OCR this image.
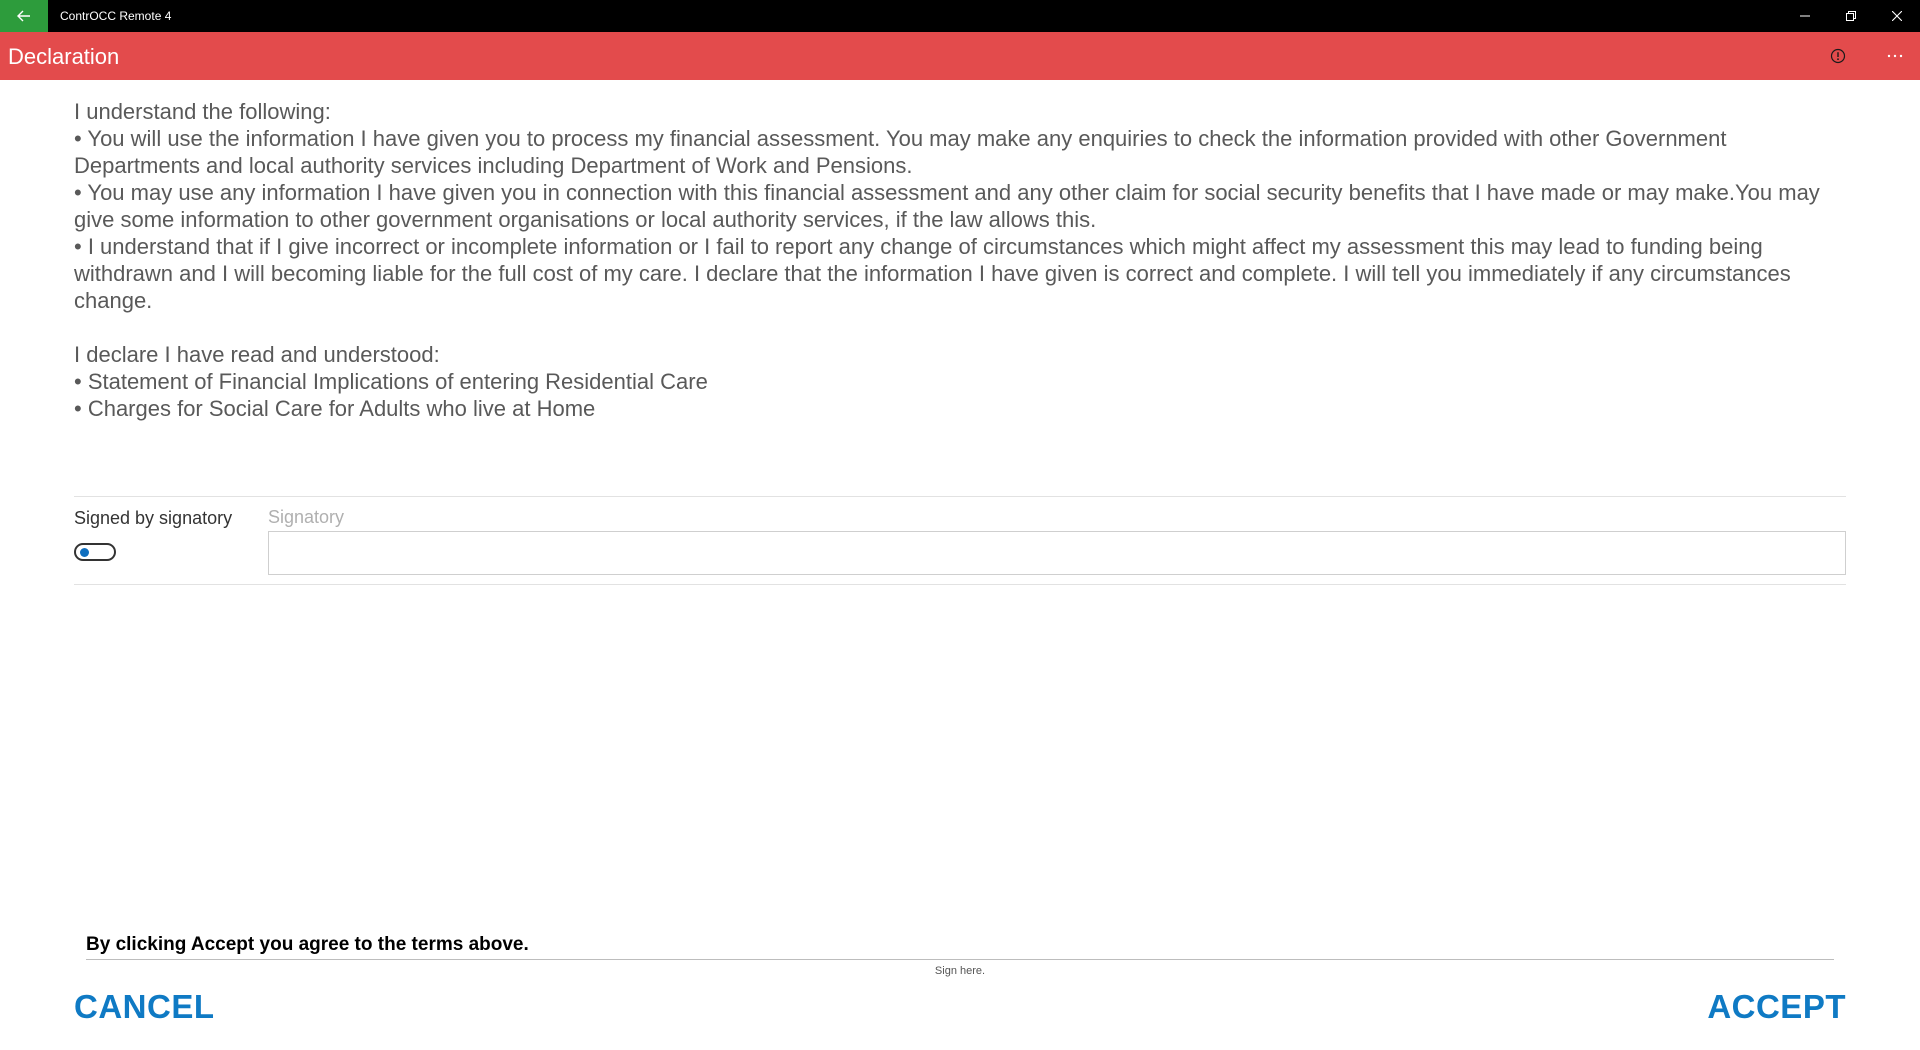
ContrOCC Remote 4
Declaration

I understand the following:

• You will use the information I have given you to process my financial assessment. You may make any enquiries to check the information provided with other Government Departments and local authority services including Department of Work and Pensions.

• You may use any information I have given you in connection with this financial assessment and any other claim for social security benefits that I have made or may make.You may give some information to other government organisations or local authority services, if the law allows this.

• I understand that if I give incorrect or incomplete information or I fail to report any change of circumstances which might affect my assessment this may lead to funding being withdrawn and I will becoming liable for the full cost of my care. I declare that the information I have given is correct and complete. I will tell you immediately if any circumstances change.

I declare I have read and understood:

• Statement of Financial Implications of entering Residential Care

• Charges for Social Care for Adults who live at Home

Signed by signatory Signatory
By clicking Accept you agree to the terms above.
Sign here.
CANCEL	ACCEPT
